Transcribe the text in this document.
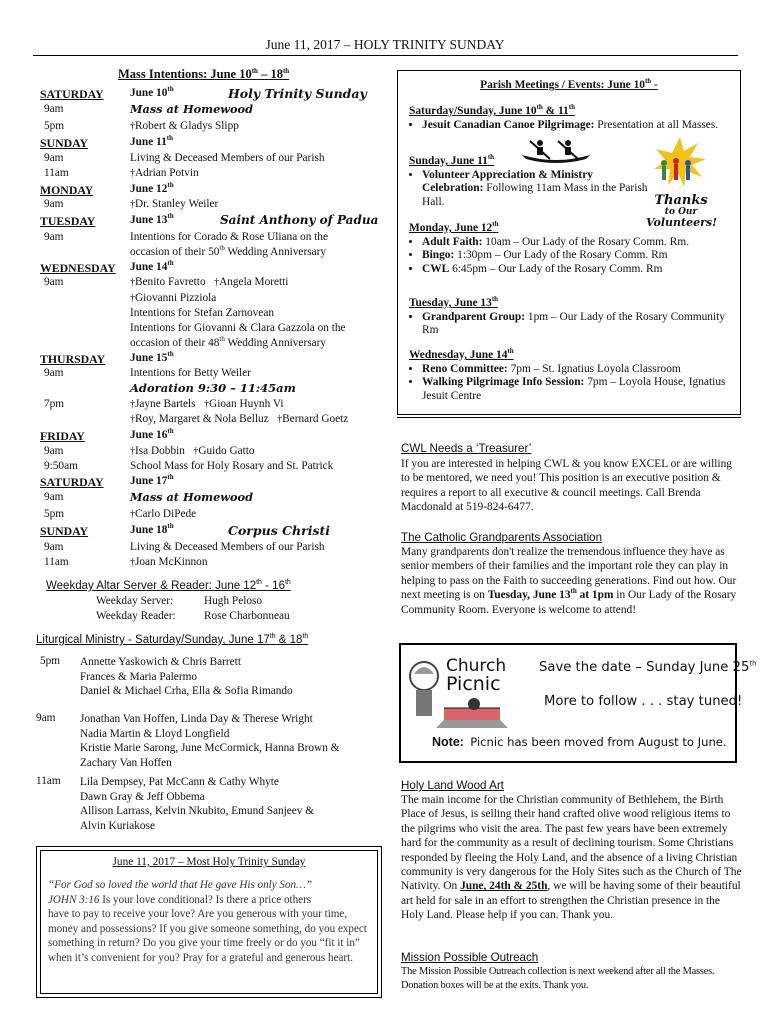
June 11, 2017 – HOLY TRINITY SUNDAY
Mass Intentions: June 10th – 18th
SATURDAY	June 10th	Holy Trinity Sunday
9am	Mass at Homewood
5pm	†Robert & Gladys Slipp
SUNDAY	June 11th
9am	Living & Deceased Members of our Parish
11am	†Adrian Potvin
MONDAY	June 12th
9am	†Dr. Stanley Weiler
TUESDAY	June 13th	Saint Anthony of Padua
9am	Intentions for Corado & Rose Uliana on the
occasion of their 50th Wedding Anniversary
WEDNESDAY	June 14th
9am	†Benito Favretto †Angela Moretti
†Giovanni Pizziola
Intentions for Stefan Zarnovean
Intentions for Giovanni & Clara Gazzola on the
occasion of their 48th Wedding Anniversary
THURSDAY	June 15th
9am	Intentions for Betty Weiler
Adoration 9:30 – 11:45am
7pm	†Jayne Bartels †Gioan Huynh Vi
†Roy, Margaret & Nola Belluz †Bernard Goetz
FRIDAY	June 16th
9am	†Isa Dobbin †Guido Gatto
9:50am	School Mass for Holy Rosary and St. Patrick
SATURDAY	June 17th
9am	Mass at Homewood
5pm	†Carlo DiPede
SUNDAY	June 18th	Corpus Christi
9am	Living & Deceased Members of our Parish
11am	†Joan McKinnon
Weekday Altar Server & Reader: June 12th - 16th
Weekday Server:	Hugh Peloso
Weekday Reader:	Rose Charbonneau
Liturgical Ministry - Saturday/Sunday, June 17th & 18th
5pm Annette Yaskowich & Chris Barrett
Frances & Maria Palermo
Daniel & Michael Crha, Ella & Sofia Rimando
9am Jonathan Van Hoffen, Linda Day & Therese Wright
Nadia Martin & Lloyd Longfield
Kristie Marie Sarong, June McCormick, Hanna Brown &
Zachary Van Hoffen
11am Lila Dempsey, Pat McCann & Cathy Whyte
Dawn Gray & Jeff Obbema
Allison Larrass, Kelvin Nkubito, Emund Sanjeev &
Alvin Kuriakose
June 11, 2017 – Most Holy Trinity Sunday
“For God so loved the world that He gave His only Son…”
JOHN 3:16 Is your love conditional? Is there a price others
have to pay to receive your love? Are you generous with your time, money and possessions? If you give someone something, do you expect something in return? Do you give your time freely or do you “fit it in” when it’s convenient for you? Pray for a grateful and generous heart.
Parish Meetings / Events: June 10th -
Saturday/Sunday, June 10th & 11th
• Jesuit Canadian Canoe Pilgrimage: Presentation at all Masses.
Sunday, June 11th
• Volunteer Appreciation & Ministry Celebration: Following 11am Mass in the Parish Hall.	Thanks
to Our
Volunteers!
Monday, June 12th
• Adult Faith: 10am – Our Lady of the Rosary Comm. Rm.
• Bingo: 1:30pm – Our Lady of the Rosary Comm. Rm
• CWL 6:45pm – Our Lady of the Rosary Comm. Rm
Tuesday, June 13th
• Grandparent Group: 1pm – Our Lady of the Rosary Community Rm
Wednesday, June 14th
• Reno Committee: 7pm – St. Ignatius Loyola Classroom
• Walking Pilgrimage Info Session: 7pm – Loyola House, Ignatius Jesuit Centre
CWL Needs a ‘Treasurer’
If you are interested in helping CWL & you know EXCEL or are willing to be mentored, we need you! This position is an executive position & requires a report to all executive & council meetings. Call Brenda Macdonald at 519-824-6477.
The Catholic Grandparents Association
Many grandparents don't realize the tremendous influence they have as senior members of their families and the important role they can play in helping to pass on the Faith to succeeding generations. Find out how. Our next meeting is on Tuesday, June 13th at 1pm in Our Lady of the Rosary Community Room. Everyone is welcome to attend!
Church
Picnic
Save the date – Sunday June 25th
More to follow . . . stay tuned!
Note: Picnic has been moved from August to June.
Holy Land Wood Art
The main income for the Christian community of Bethlehem, the Birth Place of Jesus, is selling their hand crafted olive wood religious items to the pilgrims who visit the area. The past few years have been extremely hard for the community as a result of declining tourism. Some Christians responded by fleeing the Holy Land, and the absence of a living Christian community is very dangerous for the Holy Sites such as the Church of The Nativity. On June, 24th & 25th, we will be having some of their beautiful art held for sale in an effort to strengthen the Christian presence in the Holy Land. Please help if you can. Thank you.
Mission Possible Outreach
The Mission Possible Outreach collection is next weekend after all the Masses. Donation boxes will be at the exits. Thank you.
